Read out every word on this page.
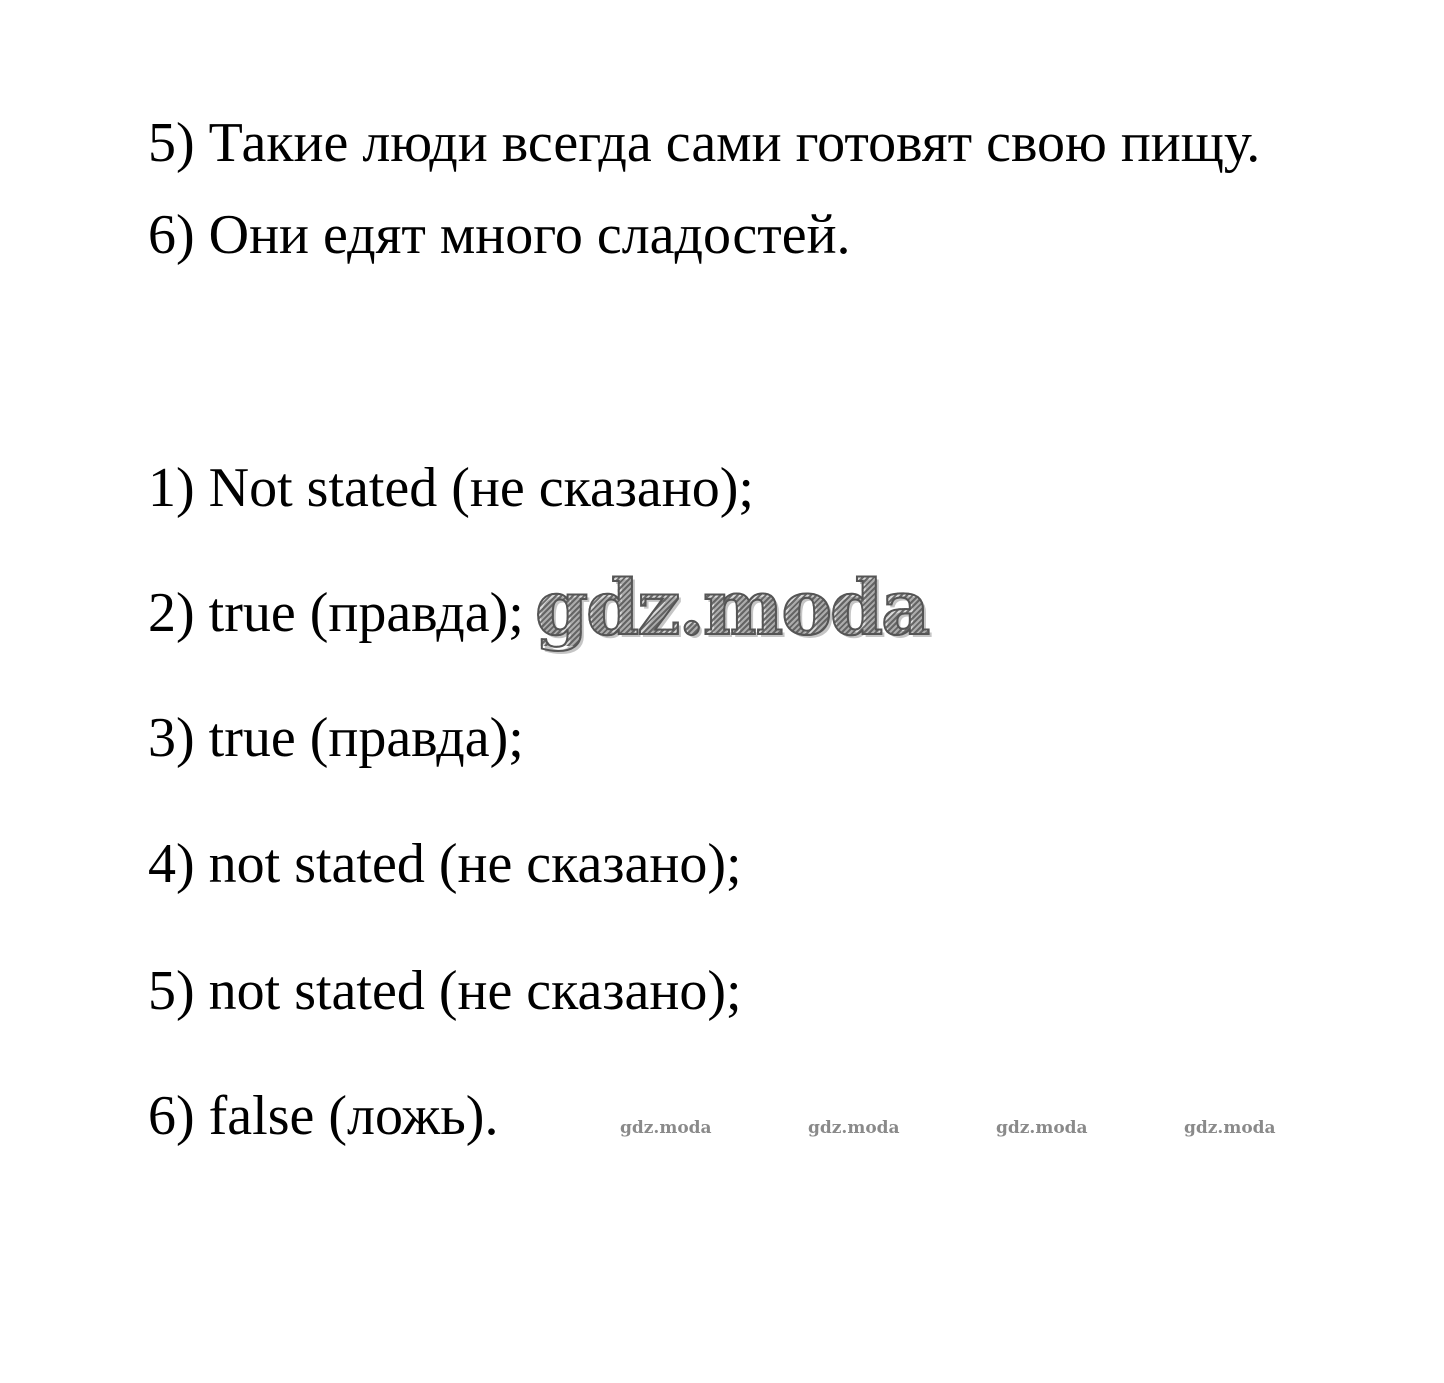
5) Такие люди всегда сами готовят свою пищу.

6) Они едят много сладостей.

1) Not stated (не сказано);

2) true (правда);

3) true (правда);

4) not stated (не сказано);

5) not stated (не сказано);

6) false (ложь).

gdz.moda
gdz.moda	gdz.moda	gdz.moda	gdz.moda
